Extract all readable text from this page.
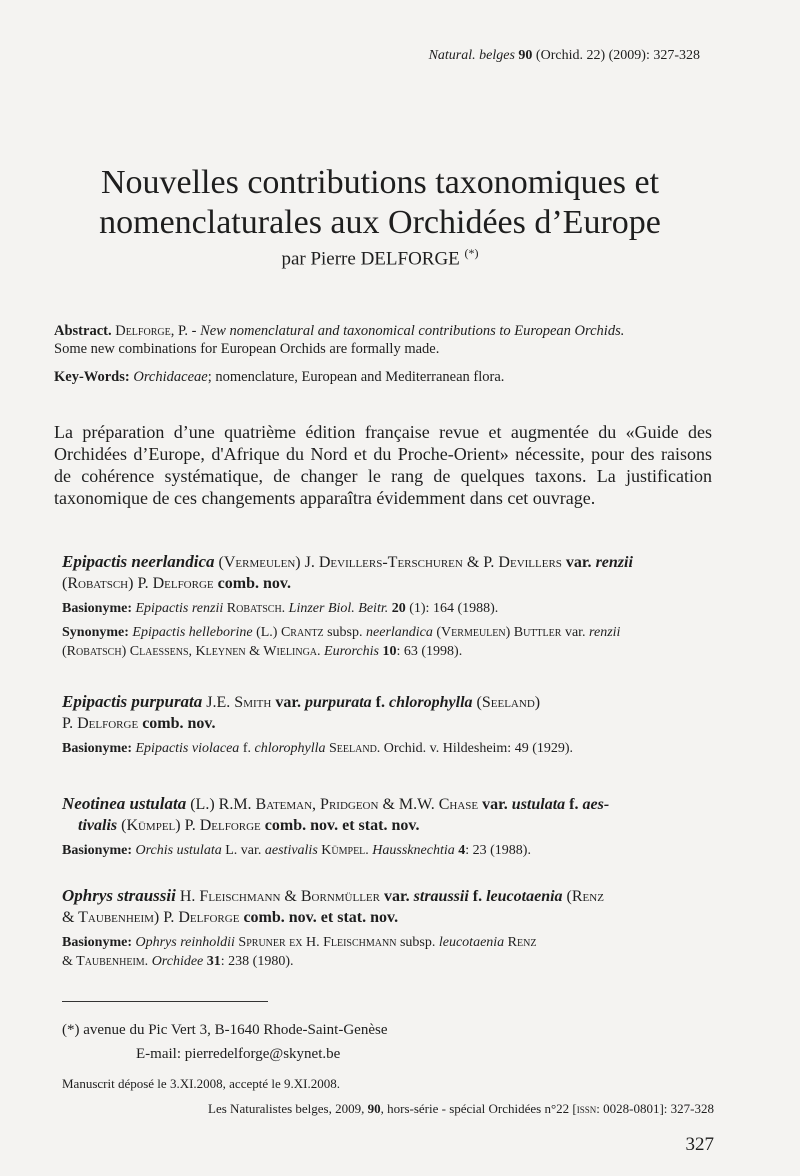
Natural. belges 90 (Orchid. 22) (2009): 327-328
Nouvelles contributions taxonomiques et
nomenclaturales aux Orchidées d’Europe
par Pierre DELFORGE (*)
Abstract. Delforge, P. - New nomenclatural and taxonomical contributions to European Orchids.
Some new combinations for European Orchids are formally made.
Key-Words: Orchidaceae; nomenclature, European and Mediterranean flora.

La préparation d’une quatrième édition française revue et augmentée du «Guide des Orchidées d’Europe, d'Afrique du Nord et du Proche-Orient» nécessite, pour des raisons de cohérence systématique, de changer le rang de quelques taxons. La justification taxonomique de ces changements apparaîtra évidemment dans cet ouvrage.

Epipactis neerlandica (Vermeulen) J. Devillers-Terschuren & P. Devillers var. renzii
(Robatsch) P. Delforge comb. nov.
Basionyme: Epipactis renzii Robatsch. Linzer Biol. Beitr. 20 (1): 164 (1988).
Synonyme: Epipactis helleborine (L.) Crantz subsp. neerlandica (Vermeulen) Buttler var. renzii
(Robatsch) Claessens, Kleynen & Wielinga. Eurorchis 10: 63 (1998).
Epipactis purpurata J.E. Smith var. purpurata f. chlorophylla (Seeland)
P. Delforge comb. nov.
Basionyme: Epipactis violacea f. chlorophylla Seeland. Orchid. v. Hildesheim: 49 (1929).
Neotinea ustulata (L.) R.M. Bateman, Pridgeon & M.W. Chase var. ustulata f. aes-
tivalis (Kümpel) P. Delforge comb. nov. et stat. nov.
Basionyme: Orchis ustulata L. var. aestivalis Kümpel. Haussknechtia 4: 23 (1988).
Ophrys straussii H. Fleischmann & Bornmüller var. straussii f. leucotaenia (Renz
& Taubenheim) P. Delforge comb. nov. et stat. nov.
Basionyme: Ophrys reinholdii Spruner ex H. Fleischmann subsp. leucotaenia Renz
& Taubenheim. Orchidee 31: 238 (1980).
(*) avenue du Pic Vert 3, B-1640 Rhode-Saint-Genèse
E-mail: pierredelforge@skynet.be
Manuscrit déposé le 3.XI.2008, accepté le 9.XI.2008.
Les Naturalistes belges, 2009, 90, hors-série - spécial Orchidées n°22 [issn: 0028-0801]: 327-328
327
